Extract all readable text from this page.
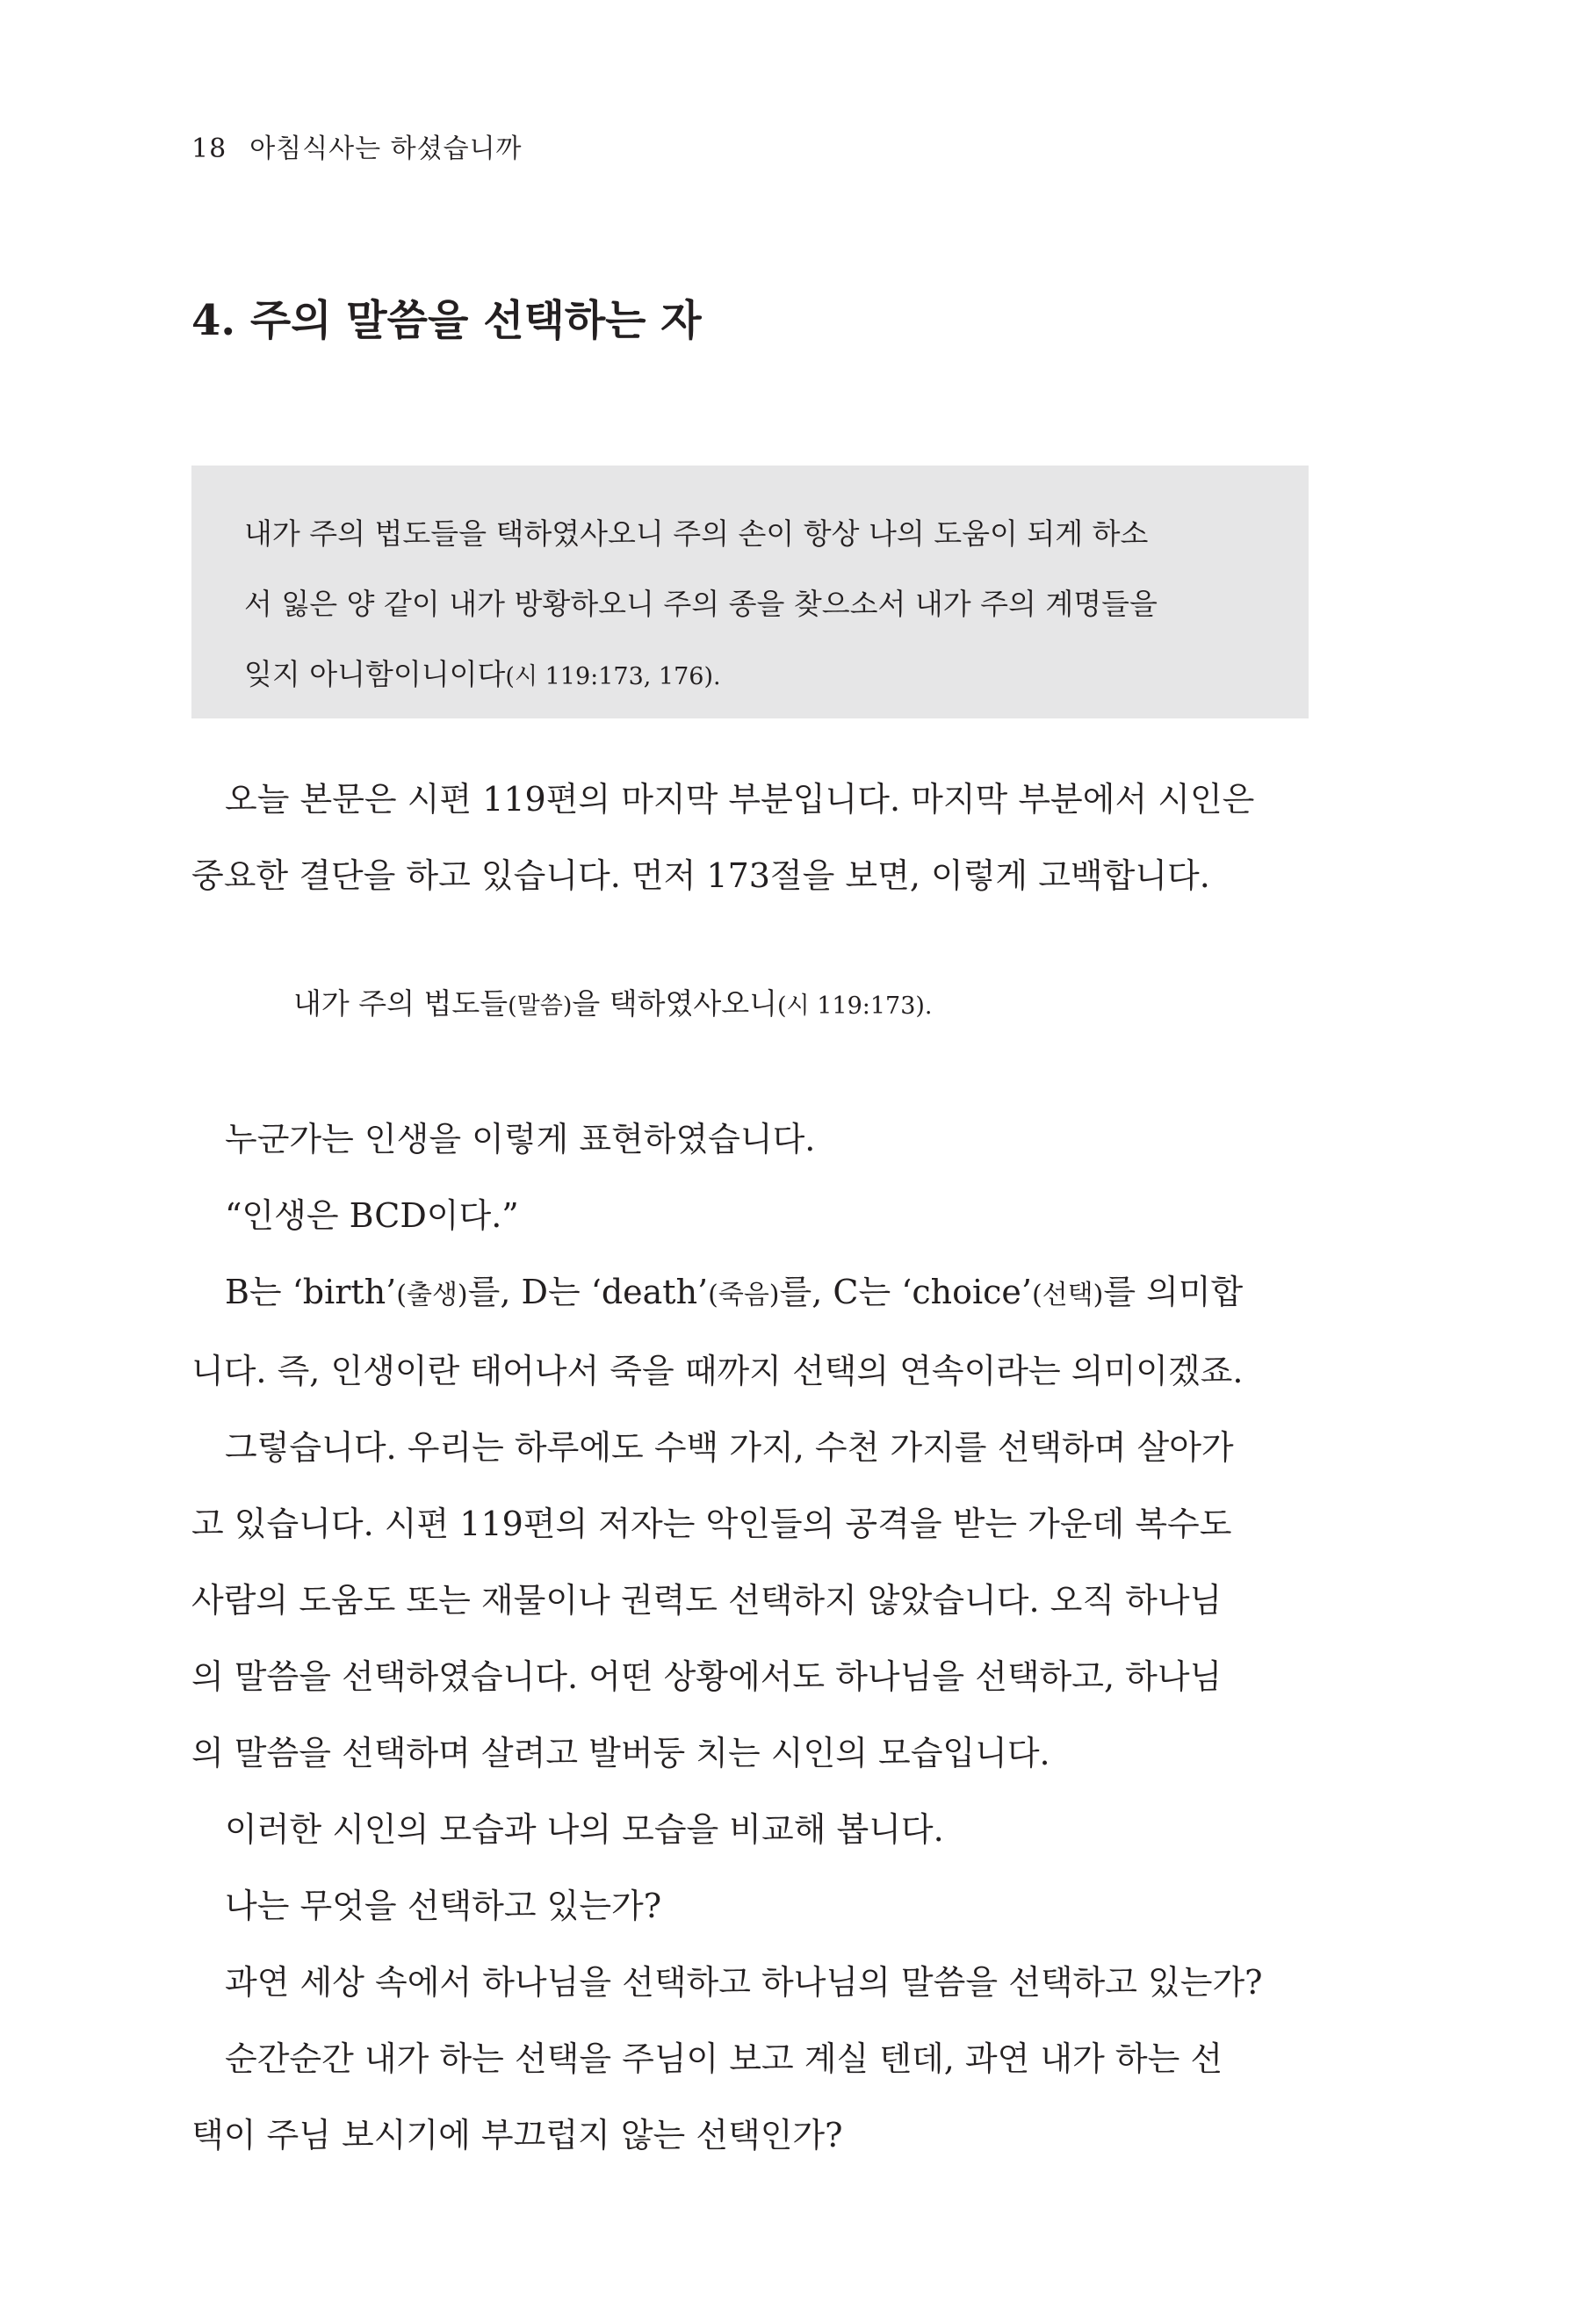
18 아침식사는 하셨습니까
4. 주의 말씀을 선택하는 자

내가 주의 법도들을 택하였사오니 주의 손이 항상 나의 도움이 되게 하소

서 잃은 양 같이 내가 방황하오니 주의 종을 찾으소서 내가 주의 계명들을

잊지 아니함이니이다(시 119:173, 176).

오늘 본문은 시편 119편의 마지막 부분입니다. 마지막 부분에서 시인은

중요한 결단을 하고 있습니다. 먼저 173절을 보면, 이렇게 고백합니다.

내가 주의 법도들(말씀)을 택하였사오니(시 119:173).

누군가는 인생을 이렇게 표현하였습니다.

“인생은 BCD이다.”

B는 ‘birth’(출생)를, D는 ‘death’(죽음)를, C는 ‘choice’(선택)를 의미합

니다. 즉, 인생이란 태어나서 죽을 때까지 선택의 연속이라는 의미이겠죠.

그렇습니다. 우리는 하루에도 수백 가지, 수천 가지를 선택하며 살아가

고 있습니다. 시편 119편의 저자는 악인들의 공격을 받는 가운데 복수도

사람의 도움도 또는 재물이나 권력도 선택하지 않았습니다. 오직 하나님

의 말씀을 선택하였습니다. 어떤 상황에서도 하나님을 선택하고, 하나님

의 말씀을 선택하며 살려고 발버둥 치는 시인의 모습입니다.

이러한 시인의 모습과 나의 모습을 비교해 봅니다.

나는 무엇을 선택하고 있는가?

과연 세상 속에서 하나님을 선택하고 하나님의 말씀을 선택하고 있는가?

순간순간 내가 하는 선택을 주님이 보고 계실 텐데, 과연 내가 하는 선

택이 주님 보시기에 부끄럽지 않는 선택인가?
